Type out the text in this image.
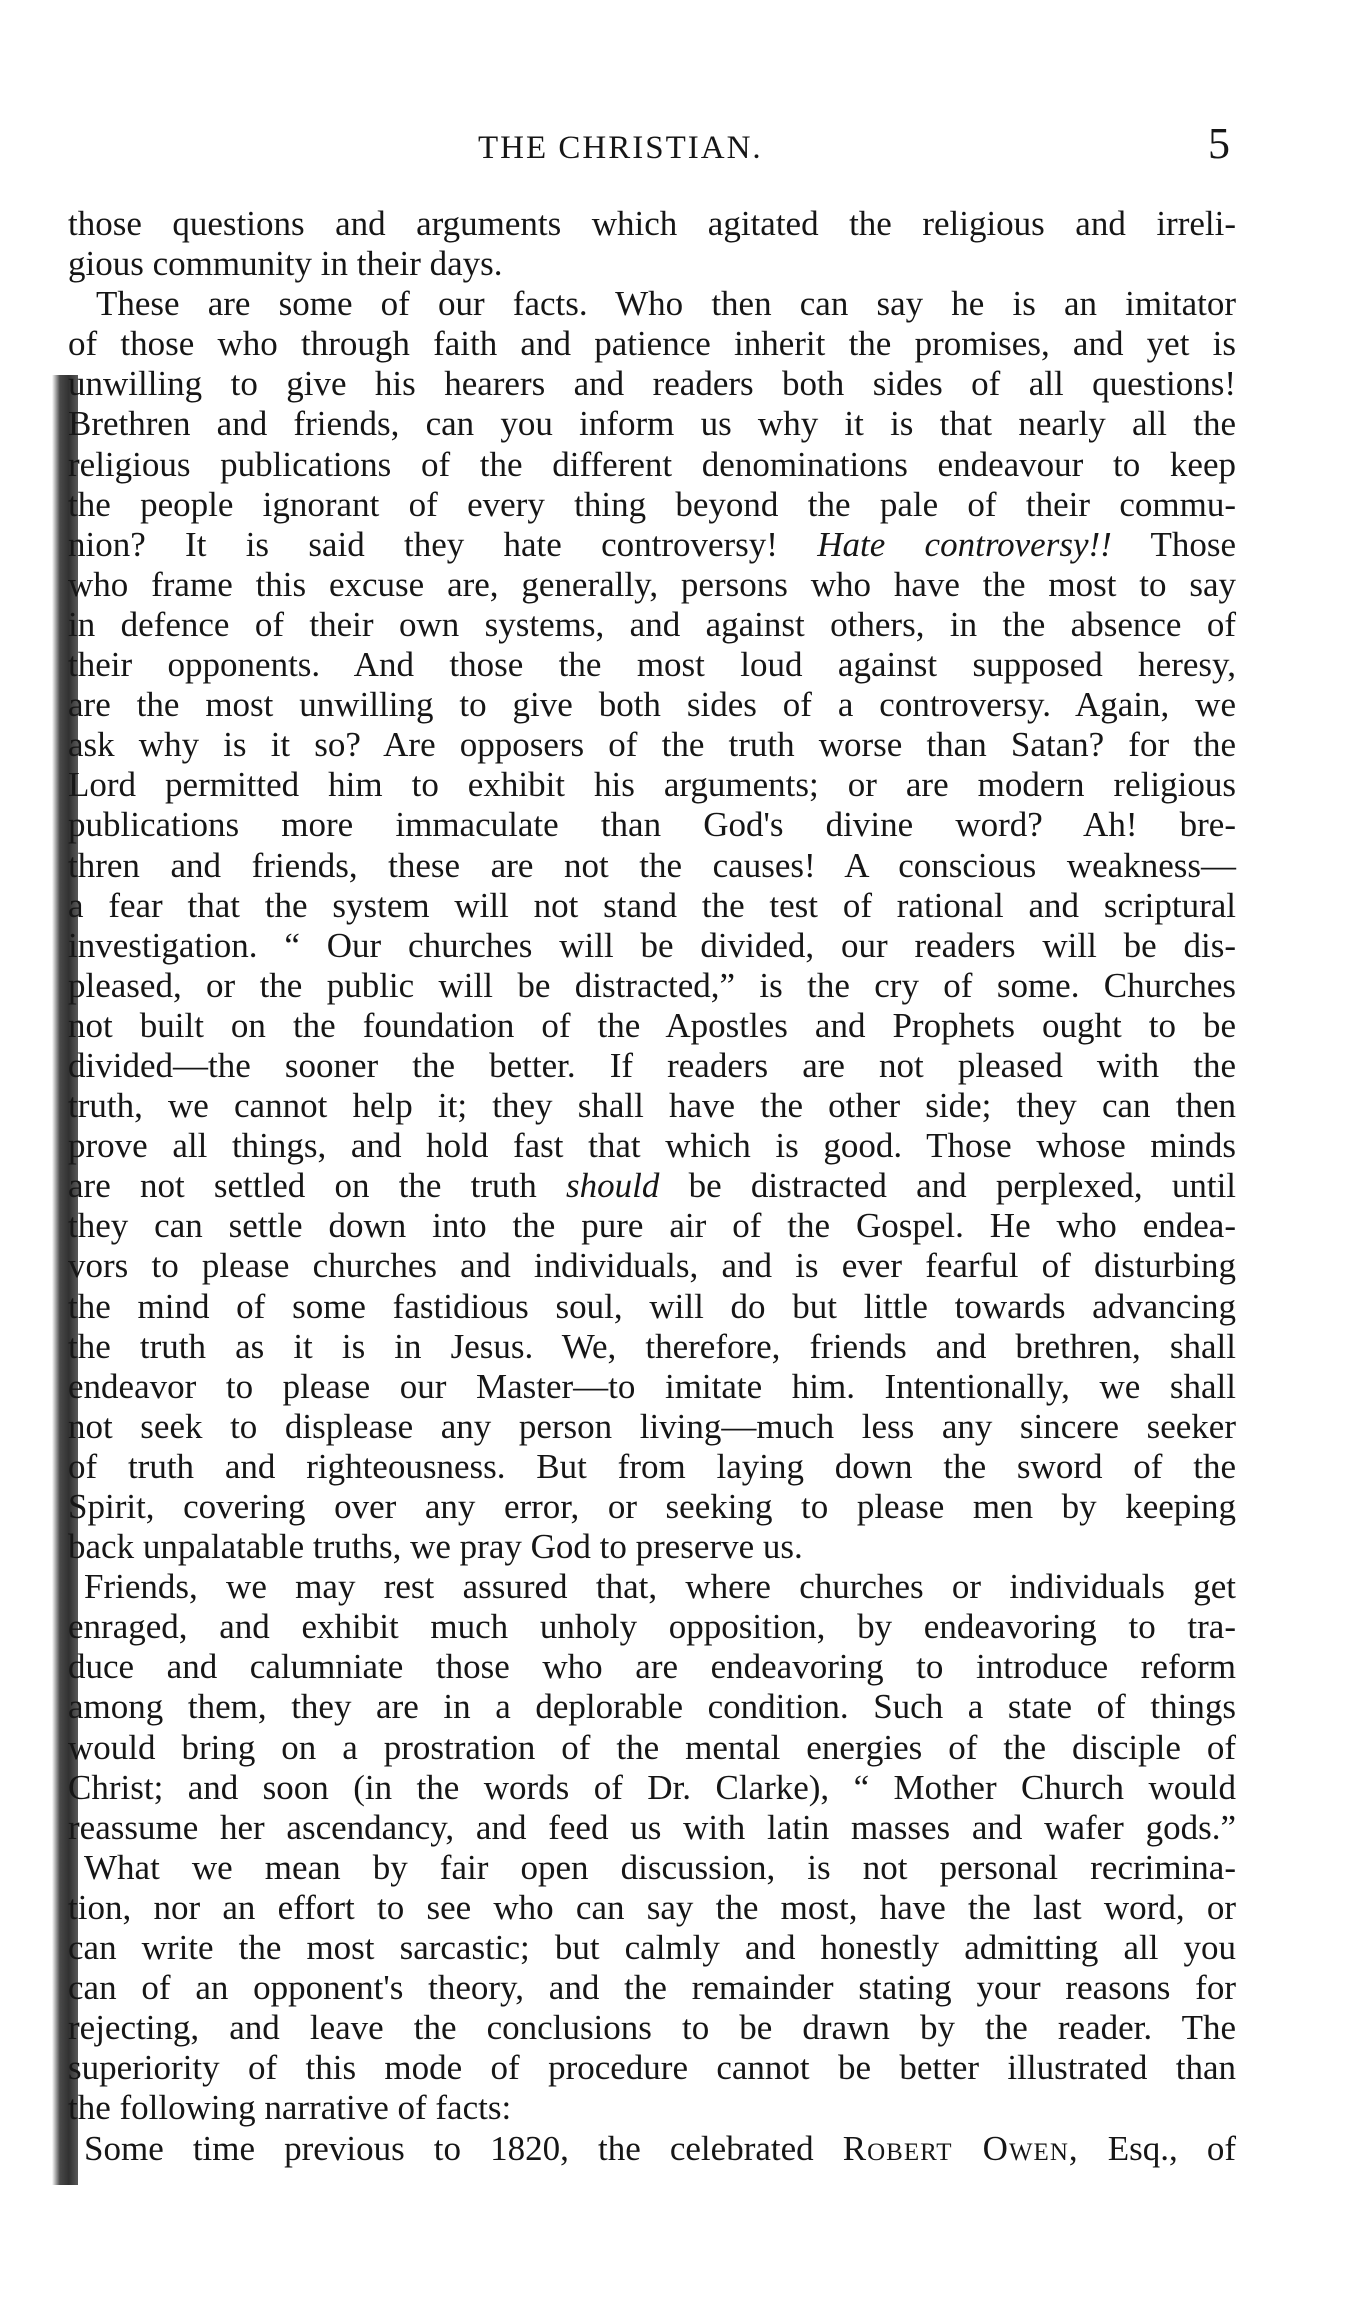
THE CHRISTIAN.	5
those questions and arguments which agitated the religious and irreli-
gious community in their days.
These are some of our facts. Who then can say he is an imitator
of those who through faith and patience inherit the promises, and yet is
unwilling to give his hearers and readers both sides of all questions!
Brethren and friends, can you inform us why it is that nearly all the
religious publications of the different denominations endeavour to keep
the people ignorant of every thing beyond the pale of their commu-
nion? It is said they hate controversy! Hate controversy!! Those
who frame this excuse are, generally, persons who have the most to say
in defence of their own systems, and against others, in the absence of
their opponents. And those the most loud against supposed heresy,
are the most unwilling to give both sides of a controversy. Again, we
ask why is it so? Are opposers of the truth worse than Satan? for the
Lord permitted him to exhibit his arguments; or are modern religious
publications more immaculate than God's divine word? Ah! bre-
thren and friends, these are not the causes! A conscious weakness—
a fear that the system will not stand the test of rational and scriptural
investigation. “ Our churches will be divided, our readers will be dis-
pleased, or the public will be distracted,” is the cry of some. Churches
not built on the foundation of the Apostles and Prophets ought to be
divided—the sooner the better. If readers are not pleased with the
truth, we cannot help it; they shall have the other side; they can then
prove all things, and hold fast that which is good. Those whose minds
are not settled on the truth should be distracted and perplexed, until
they can settle down into the pure air of the Gospel. He who endea-
vors to please churches and individuals, and is ever fearful of disturbing
the mind of some fastidious soul, will do but little towards advancing
the truth as it is in Jesus. We, therefore, friends and brethren, shall
endeavor to please our Master—to imitate him. Intentionally, we shall
not seek to displease any person living—much less any sincere seeker
of truth and righteousness. But from laying down the sword of the
Spirit, covering over any error, or seeking to please men by keeping
back unpalatable truths, we pray God to preserve us.
Friends, we may rest assured that, where churches or individuals get
enraged, and exhibit much unholy opposition, by endeavoring to tra-
duce and calumniate those who are endeavoring to introduce reform
among them, they are in a deplorable condition. Such a state of things
would bring on a prostration of the mental energies of the disciple of
Christ; and soon (in the words of Dr. Clarke), “ Mother Church would
reassume her ascendancy, and feed us with latin masses and wafer gods.”
What we mean by fair open discussion, is not personal recrimina-
tion, nor an effort to see who can say the most, have the last word, or
can write the most sarcastic; but calmly and honestly admitting all you
can of an opponent's theory, and the remainder stating your reasons for
rejecting, and leave the conclusions to be drawn by the reader. The
superiority of this mode of procedure cannot be better illustrated than
the following narrative of facts:
Some time previous to 1820, the celebrated Robert Owen, Esq., of
